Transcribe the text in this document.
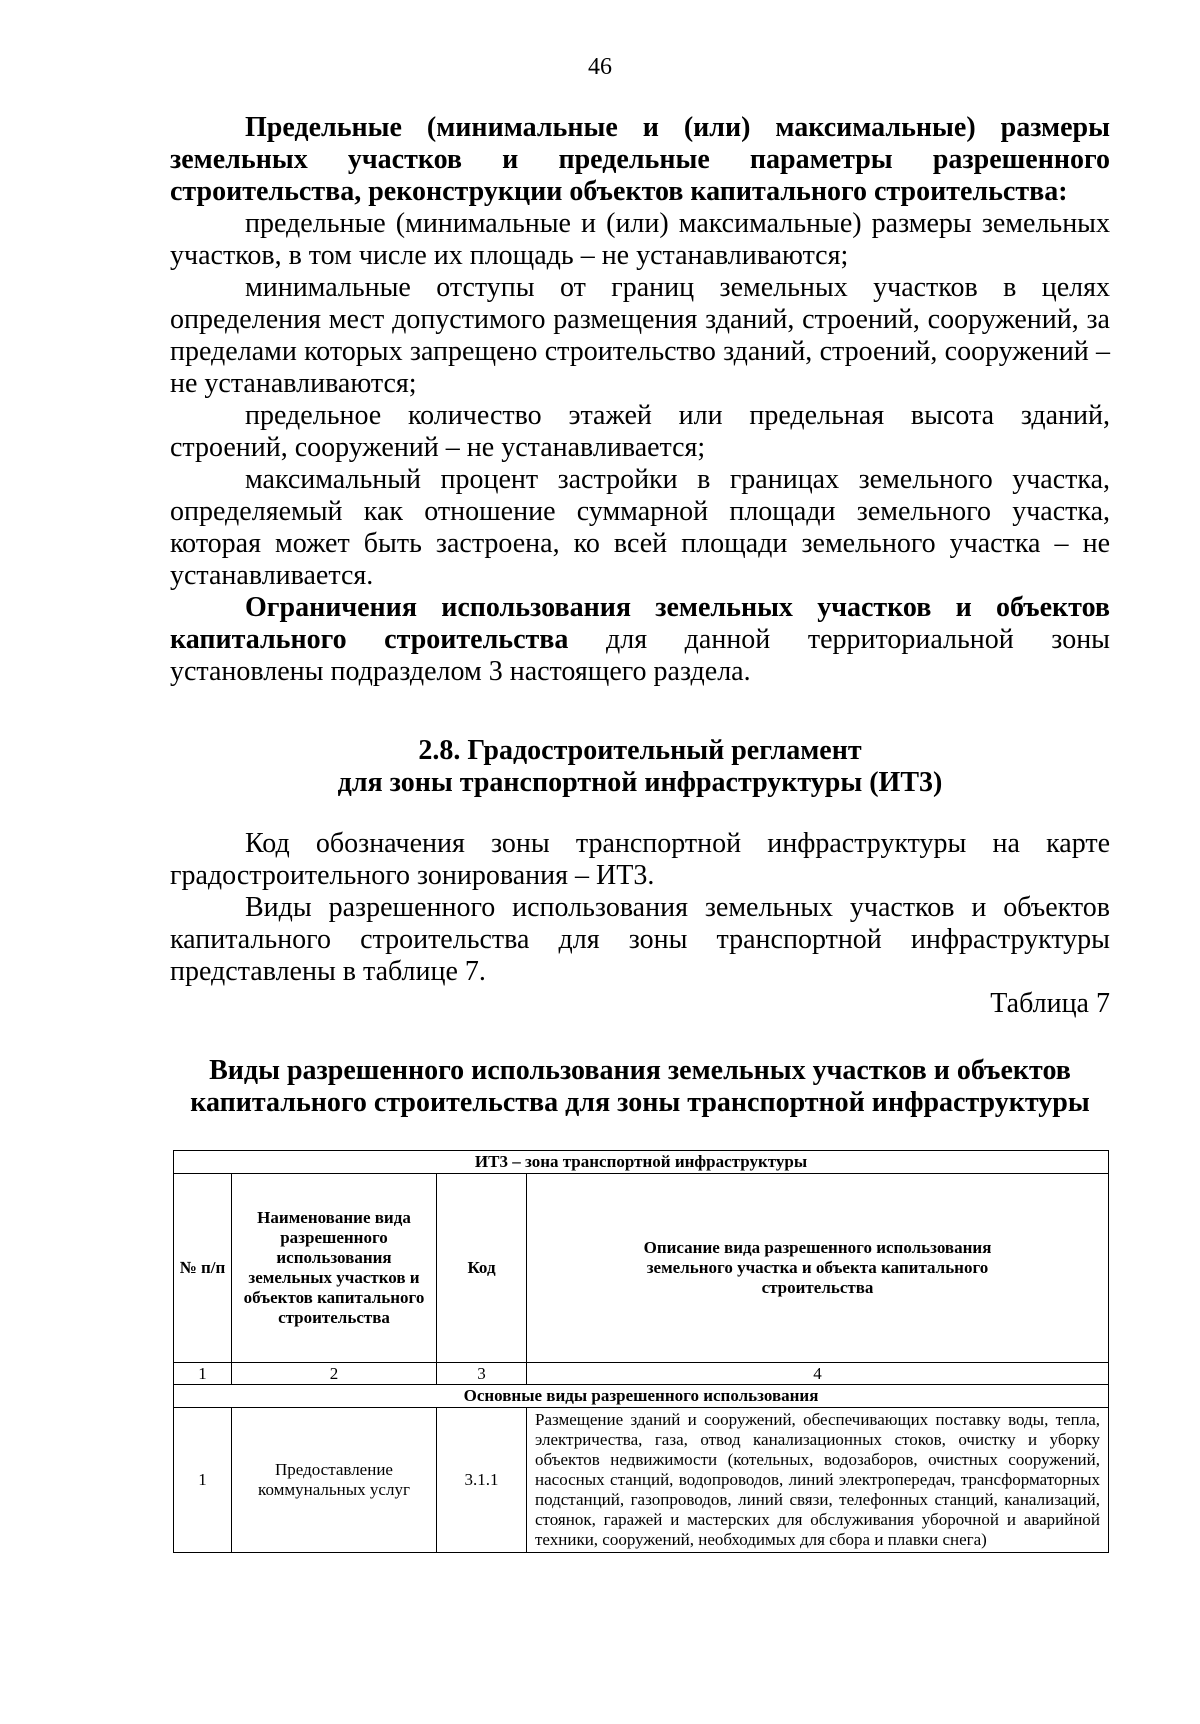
46

Предельные (минимальные и (или) максимальные) размеры земельных участков и предельные параметры разрешенного строительства, реконструкции объектов капитального строительства:

предельные (минимальные и (или) максимальные) размеры земельных участков, в том числе их площадь – не устанавливаются;

минимальные отступы от границ земельных участков в целях определения мест допустимого размещения зданий, строений, сооружений, за пределами которых запрещено строительство зданий, строений, сооружений – не устанавливаются;

предельное количество этажей или предельная высота зданий, строений, сооружений – не устанавливается;

максимальный процент застройки в границах земельного участка, определяемый как отношение суммарной площади земельного участка, которая может быть застроена, ко всей площади земельного участка – не устанавливается.

Ограничения использования земельных участков и объектов капитального строительства для данной территориальной зоны установлены подразделом 3 настоящего раздела.

2.8. Градостроительный регламент

для зоны транспортной инфраструктуры (ИТ3)

Код обозначения зоны транспортной инфраструктуры на карте градостроительного зонирования – ИТ3.

Виды разрешенного использования земельных участков и объектов капитального строительства для зоны транспортной инфраструктуры представлены в таблице 7.

Таблица 7

Виды разрешенного использования земельных участков и объектов

капитального строительства для зоны транспортной инфраструктуры

ИТ3 – зона транспортной инфраструктуры			
№ п/п	Наименование вида разрешенного использования земельных участков и объектов капитального строительства	Код	Описание вида разрешенного использования земельного участка и объекта капитального строительства
1	2	3	4
Основные виды разрешенного использования			
1	Предоставление коммунальных услуг	3.1.1	Размещение зданий и сооружений, обеспечивающих поставку воды, тепла, электричества, газа, отвод канализационных стоков, очистку и уборку объектов недвижимости (котельных, водозаборов, очистных сооружений, насосных станций, водопроводов, линий электропередач, трансформаторных подстанций, газопроводов, линий связи, телефонных станций, канализаций, стоянок, гаражей и мастерских для обслуживания уборочной и аварийной техники, сооружений, необходимых для сбора и плавки снега)
